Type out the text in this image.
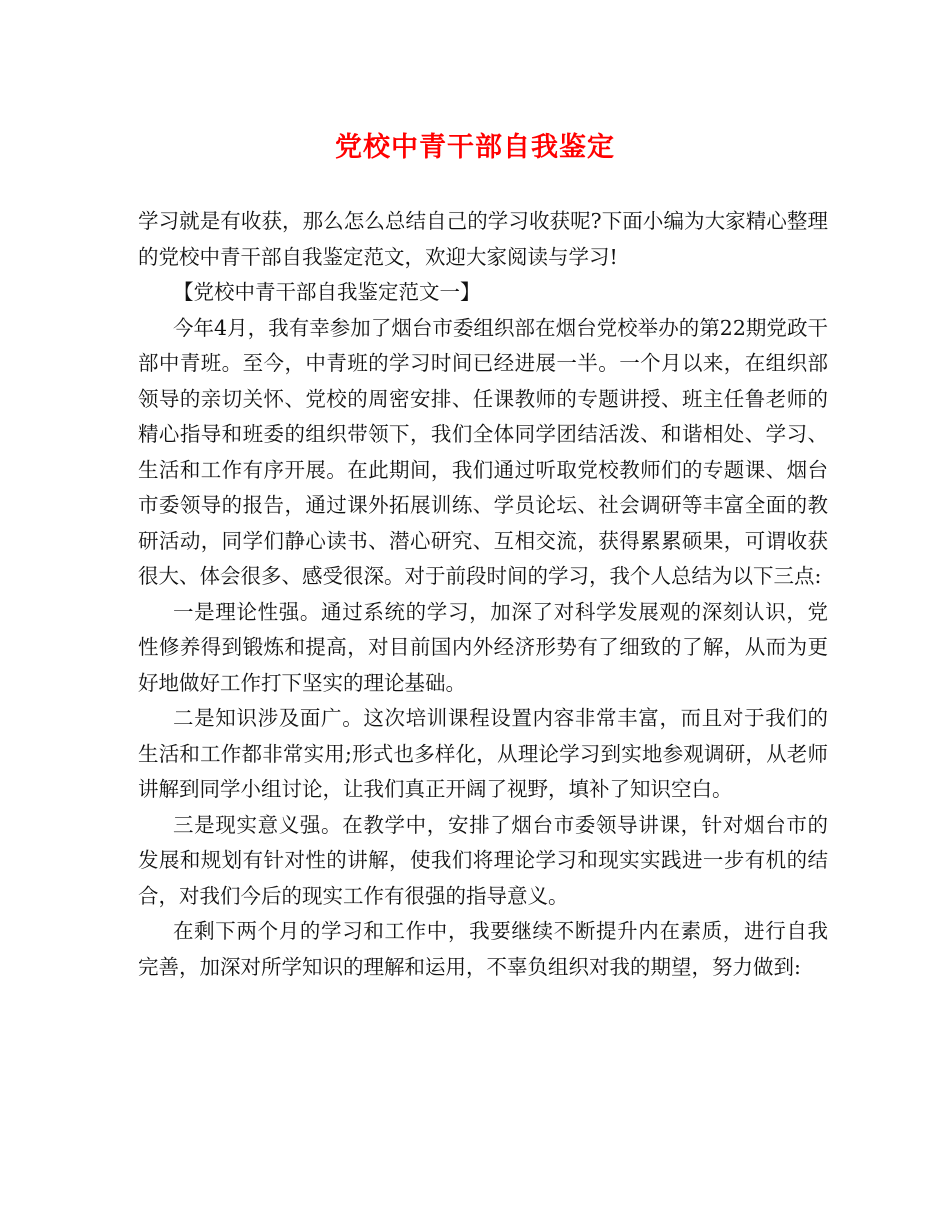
党校中青干部自我鉴定

学习就是有收获，那么怎么总结自己的学习收获呢?下面小编为大家精心整理的党校中青干部自我鉴定范文，欢迎大家阅读与学习!

【党校中青干部自我鉴定范文一】

今年4月，我有幸参加了烟台市委组织部在烟台党校举办的第22期党政干部中青班。至今，中青班的学习时间已经进展一半。一个月以来，在组织部领导的亲切关怀、党校的周密安排、任课教师的专题讲授、班主任鲁老师的精心指导和班委的组织带领下，我们全体同学团结活泼、和谐相处、学习、生活和工作有序开展。在此期间，我们通过听取党校教师们的专题课、烟台市委领导的报告，通过课外拓展训练、学员论坛、社会调研等丰富全面的教研活动，同学们静心读书、潜心研究、互相交流，获得累累硕果，可谓收获很大、体会很多、感受很深。对于前段时间的学习，我个人总结为以下三点:

一是理论性强。通过系统的学习，加深了对科学发展观的深刻认识，党性修养得到锻炼和提高，对目前国内外经济形势有了细致的了解，从而为更好地做好工作打下坚实的理论基础。

二是知识涉及面广。这次培训课程设置内容非常丰富，而且对于我们的生活和工作都非常实用;形式也多样化，从理论学习到实地参观调研，从老师讲解到同学小组讨论，让我们真正开阔了视野，填补了知识空白。

三是现实意义强。在教学中，安排了烟台市委领导讲课，针对烟台市的发展和规划有针对性的讲解，使我们将理论学习和现实实践进一步有机的结合，对我们今后的现实工作有很强的指导意义。

在剩下两个月的学习和工作中，我要继续不断提升内在素质，进行自我完善，加深对所学知识的理解和运用，不辜负组织对我的期望，努力做到:
